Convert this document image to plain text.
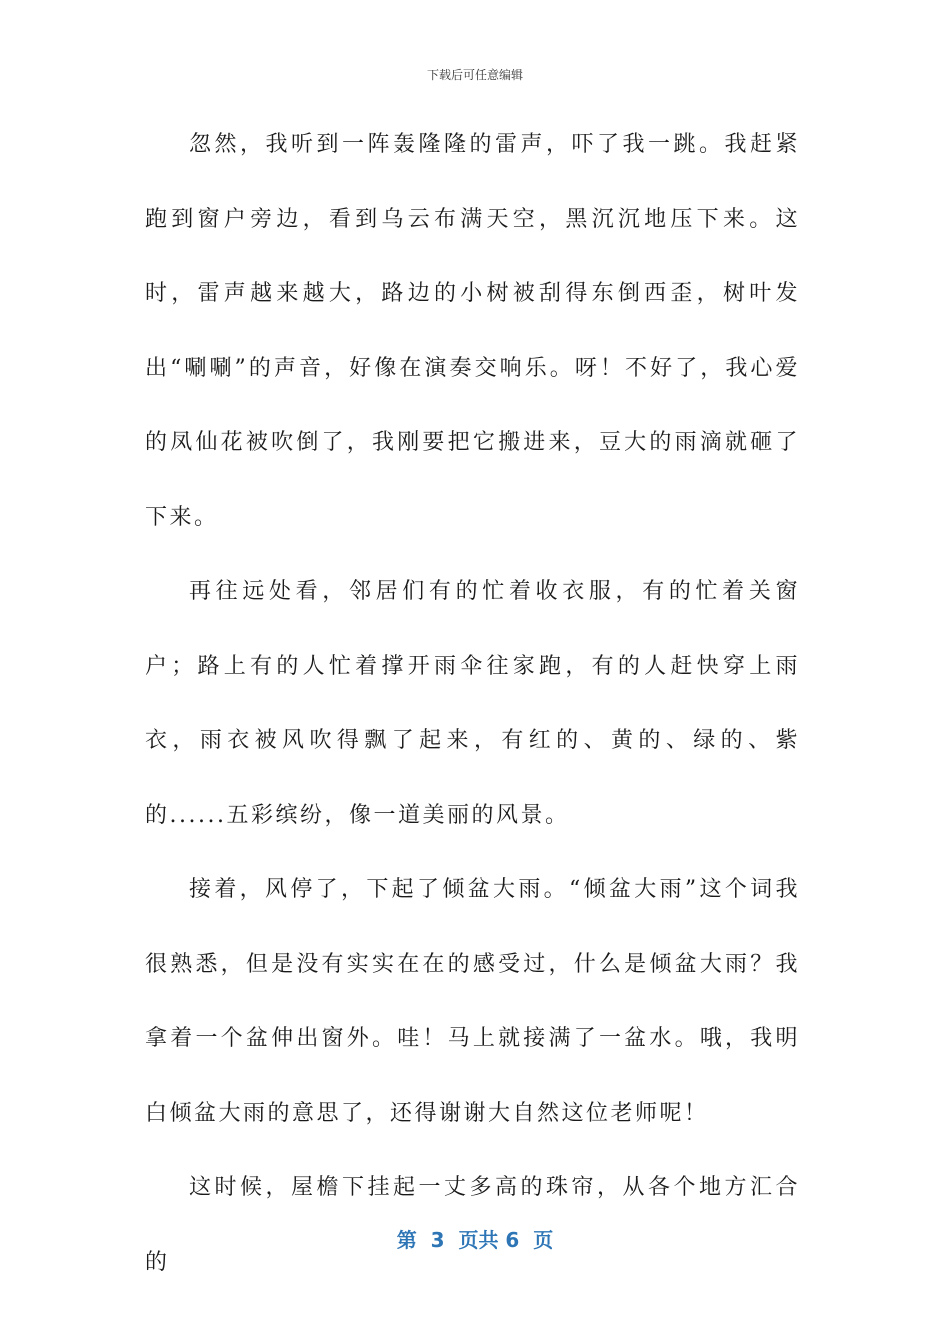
下载后可任意编辑

忽然，我听到一阵轰隆隆的雷声，吓了我一跳。我赶紧跑到窗户旁边，看到乌云布满天空，黑沉沉地压下来。这时，雷声越来越大，路边的小树被刮得东倒西歪，树叶发出“唰唰”的声音，好像在演奏交响乐。呀！不好了，我心爱的凤仙花被吹倒了，我刚要把它搬进来，豆大的雨滴就砸了下来。

再往远处看，邻居们有的忙着收衣服，有的忙着关窗户；路上有的人忙着撑开雨伞往家跑，有的人赶快穿上雨衣，雨衣被风吹得飘了起来，有红的、黄的、绿的、紫的......五彩缤纷，像一道美丽的风景。

接着，风停了，下起了倾盆大雨。“倾盆大雨”这个词我很熟悉，但是没有实实在在的感受过，什么是倾盆大雨？我拿着一个盆伸出窗外。哇！马上就接满了一盆水。哦，我明白倾盆大雨的意思了，还得谢谢大自然这位老师呢！

这时候，屋檐下挂起一丈多高的珠帘，从各个地方汇合的

第  3  页共 6  页
